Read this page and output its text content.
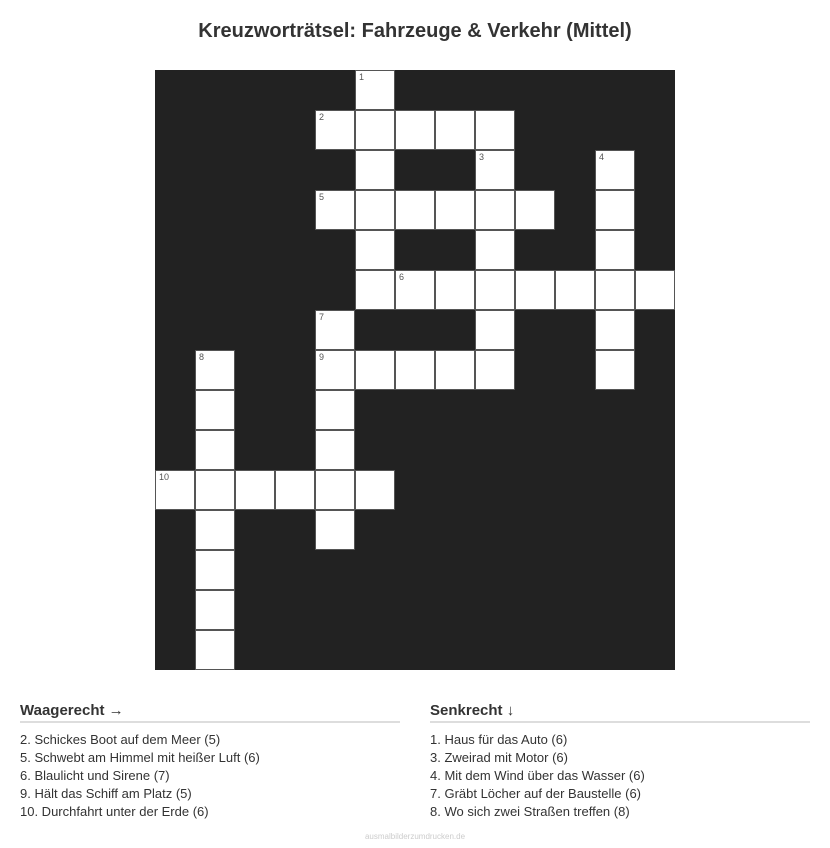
Kreuzworträtsel: Fahrzeuge & Verkehr (Mittel)
1
2
3	4
5
6
7
8	9
10
Waagerecht →
2. Schickes Boot auf dem Meer (5)
5. Schwebt am Himmel mit heißer Luft (6)
6. Blaulicht und Sirene (7)
9. Hält das Schiff am Platz (5)
10. Durchfahrt unter der Erde (6)
Senkrecht ↓
1. Haus für das Auto (6)
3. Zweirad mit Motor (6)
4. Mit dem Wind über das Wasser (6)
7. Gräbt Löcher auf der Baustelle (6)
8. Wo sich zwei Straßen treffen (8)
ausmalbilderzumdrucken.de
